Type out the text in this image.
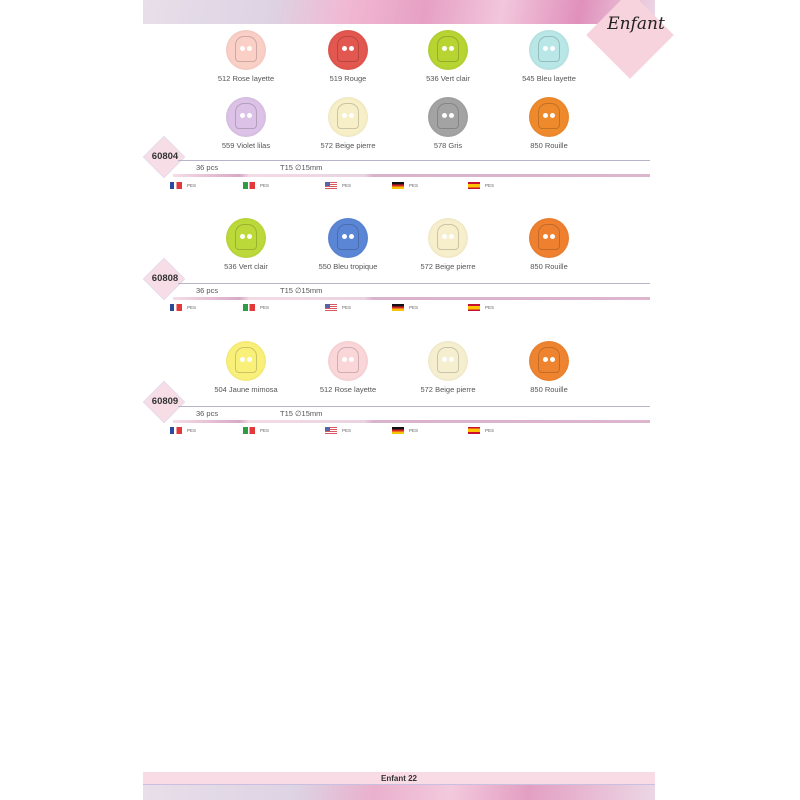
Enfant
512 Rose layette	519 Rouge	536 Vert clair	545 Bleu layette
559 Violet lilas	572 Beige pierre	578 Gris	850 Rouille
60804
36 pcs	T15 ∅15mm
PES	PES	PES	PES	PES
536 Vert clair	550 Bleu tropique	572 Beige pierre	850 Rouille
60808
36 pcs	T15 ∅15mm
PES	PES	PES	PES	PES
504 Jaune mimosa	512 Rose layette	572 Beige pierre	850 Rouille
60809
36 pcs	T15 ∅15mm
PES	PES	PES	PES	PES
Enfant 22
